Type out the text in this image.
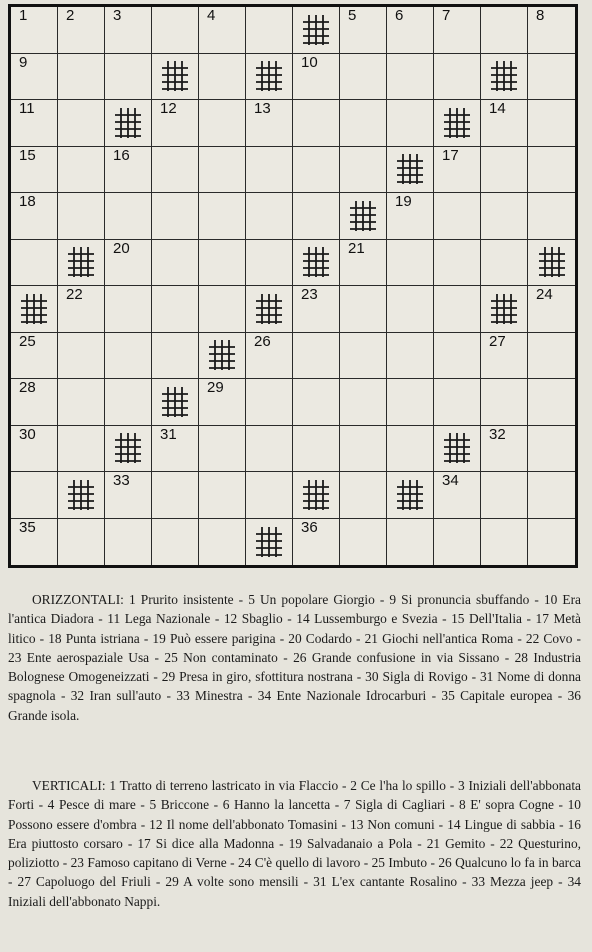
1	2	3	4	5	6	7	8
9	10
11	12	13	14
15	16	17
18	19
20	21
22	23	24
25	26	27
28	29
30	31	32
33	34
35	36

ORIZZONTALI: 1 Prurito insistente - 5 Un popolare Giorgio - 9 Si pronuncia sbuffando - 10 Era l'antica Diadora - 11 Lega Nazionale - 12 Sbaglio - 14 Lussemburgo e Svezia - 15 Dell'Italia - 17 Metà litico - 18 Punta istriana - 19 Può essere parigina - 20 Codardo - 21 Giochi nell'antica Roma - 22 Covo - 23 Ente aerospaziale Usa - 25 Non contaminato - 26 Grande confusione in via Sissano - 28 Industria Bolognese Omogeneizzati - 29 Presa in giro, sfottitura nostrana - 30 Sigla di Rovigo - 31 Nome di donna spagnola - 32 Iran sull'auto - 33 Minestra - 34 Ente Nazionale Idrocarburi - 35 Capitale europea - 36 Grande isola.

VERTICALI: 1 Tratto di terreno lastricato in via Flaccio - 2 Ce l'ha lo spillo - 3 Iniziali dell'abbonata Forti - 4 Pesce di mare - 5 Briccone - 6 Hanno la lancetta - 7 Sigla di Cagliari - 8 E' sopra Cogne - 10 Possono essere d'ombra - 12 Il nome dell'abbonato Tomasini - 13 Non comuni - 14 Lingue di sabbia - 16 Era piuttosto corsaro - 17 Si dice alla Madonna - 19 Salvadanaio a Pola - 21 Gemito - 22 Questurino, poliziotto - 23 Famoso capitano di Verne - 24 C'è quello di lavoro - 25 Imbuto - 26 Qualcuno lo fa in barca - 27 Capoluogo del Friuli - 29 A volte sono mensili - 31 L'ex cantante Rosalino - 33 Mezza jeep - 34 Iniziali dell'abbonato Nappi.
